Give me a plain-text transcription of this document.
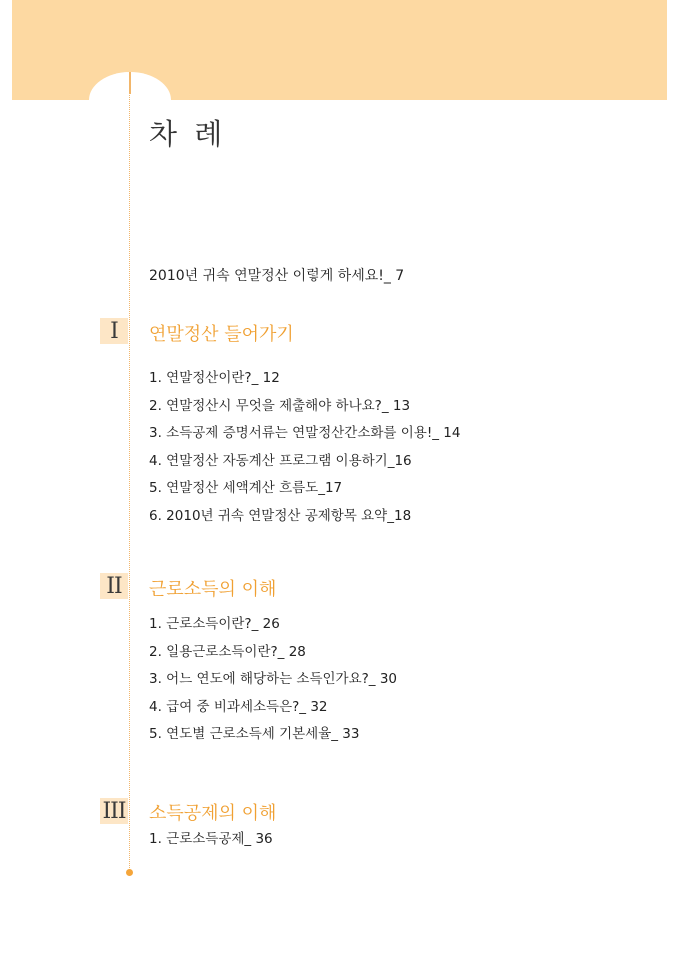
차 례
2010년 귀속 연말정산 이렇게 하세요!_ 7
I	연말정산 들어가기
1. 연말정산이란?_ 12
2. 연말정산시 무엇을 제출해야 하나요?_ 13
3. 소득공제 증명서류는 연말정산간소화를 이용!_ 14
4. 연말정산 자동계산 프로그램 이용하기_16
5. 연말정산 세액계산 흐름도_17
6. 2010년 귀속 연말정산 공제항목 요약_18
II	근로소득의 이해
1. 근로소득이란?_ 26
2. 일용근로소득이란?_ 28
3. 어느 연도에 해당하는 소득인가요?_ 30
4. 급여 중 비과세소득은?_ 32
5. 연도별 근로소득세 기본세율_ 33
III 소득공제의 이해
1. 근로소득공제_ 36
